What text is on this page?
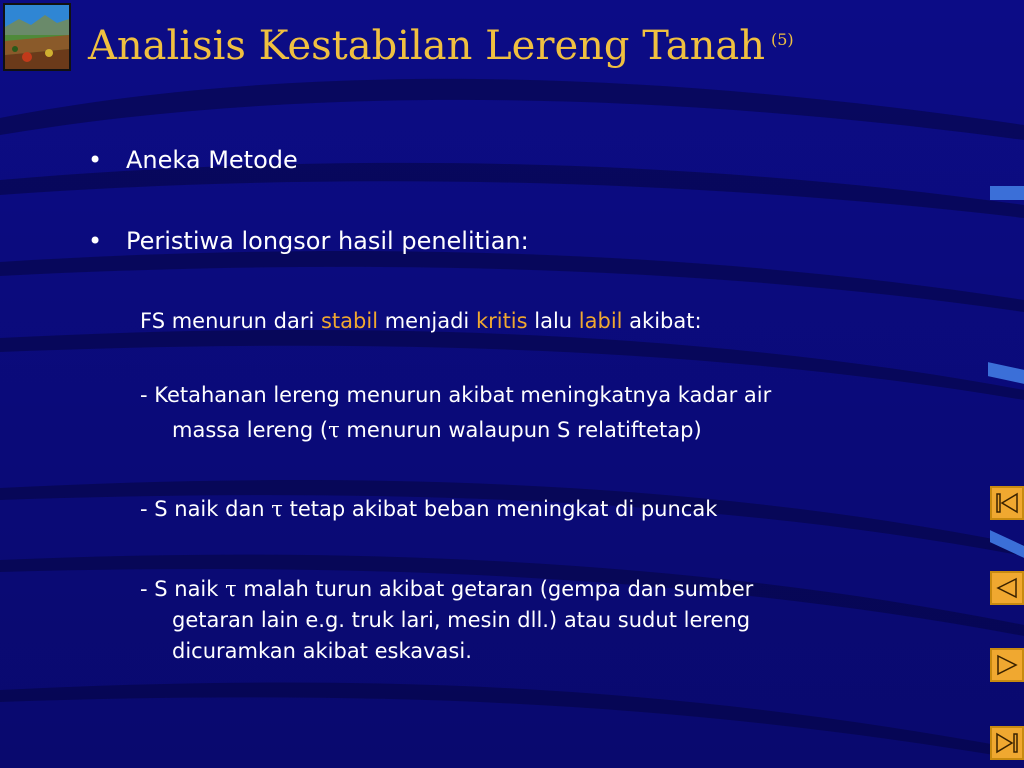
Analisis Kestabilan Lereng Tanah $^{(5)}$
• Aneka Metode
• Peristiwa longsor hasil penelitian:
FS menurun dari stabil menjadi kritis lalu labil akibat:
- Ketahanan lereng menurun akibat meningkatnya kadar air
massa lereng (τ menurun walaupun S relatiftetap)
- S naik dan τ tetap akibat beban meningkat di puncak
- S naik τ malah turun akibat getaran (gempa dan sumber
getaran lain e.g. truk lari, mesin dll.) atau sudut lereng
dicuramkan akibat eskavasi.
